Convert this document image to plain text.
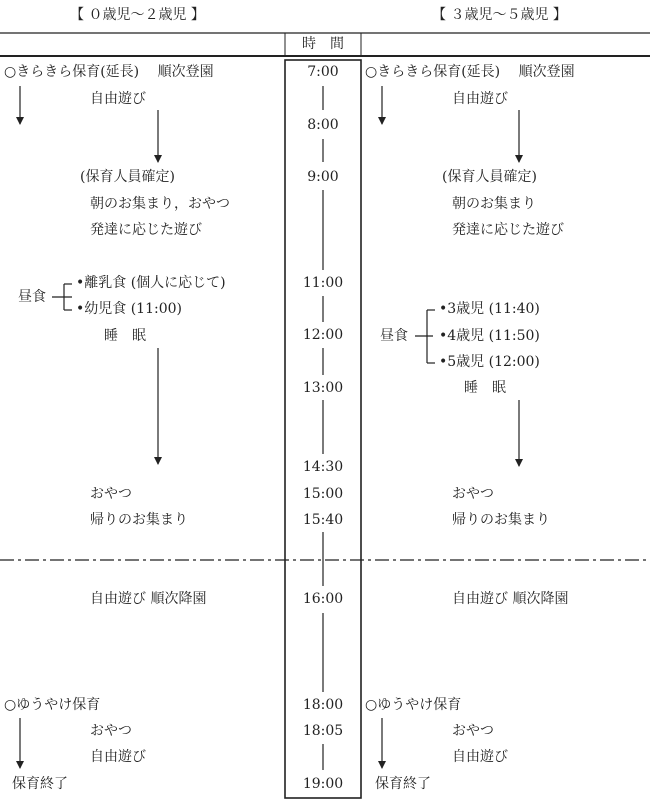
【 ０歳児～２歳児 】	【 ３歳児～５歳児 】
時　間
7:00
8:00
9:00
11:00
12:00
13:00
14:30
15:00
15:40
16:00
18:00
18:05
19:00
○きらきら保育(延長)　 順次登園
自由遊び
(保育人員確定)
朝のお集まり，おやつ
発達に応じた遊び
昼食
•離乳食 (個人に応じて)
•幼児食 (11:00)
睡　眠
おやつ
帰りのお集まり
自由遊び 順次降園
○ゆうやけ保育
おやつ
自由遊び
保育終了
○きらきら保育(延長)　 順次登園
自由遊び
(保育人員確定)
朝のお集まり
発達に応じた遊び
昼食
•3歳児 (11:40)
•4歳児 (11:50)
•5歳児 (12:00)
睡　眠
おやつ
帰りのお集まり
自由遊び 順次降園
○ゆうやけ保育
おやつ
自由遊び
保育終了
